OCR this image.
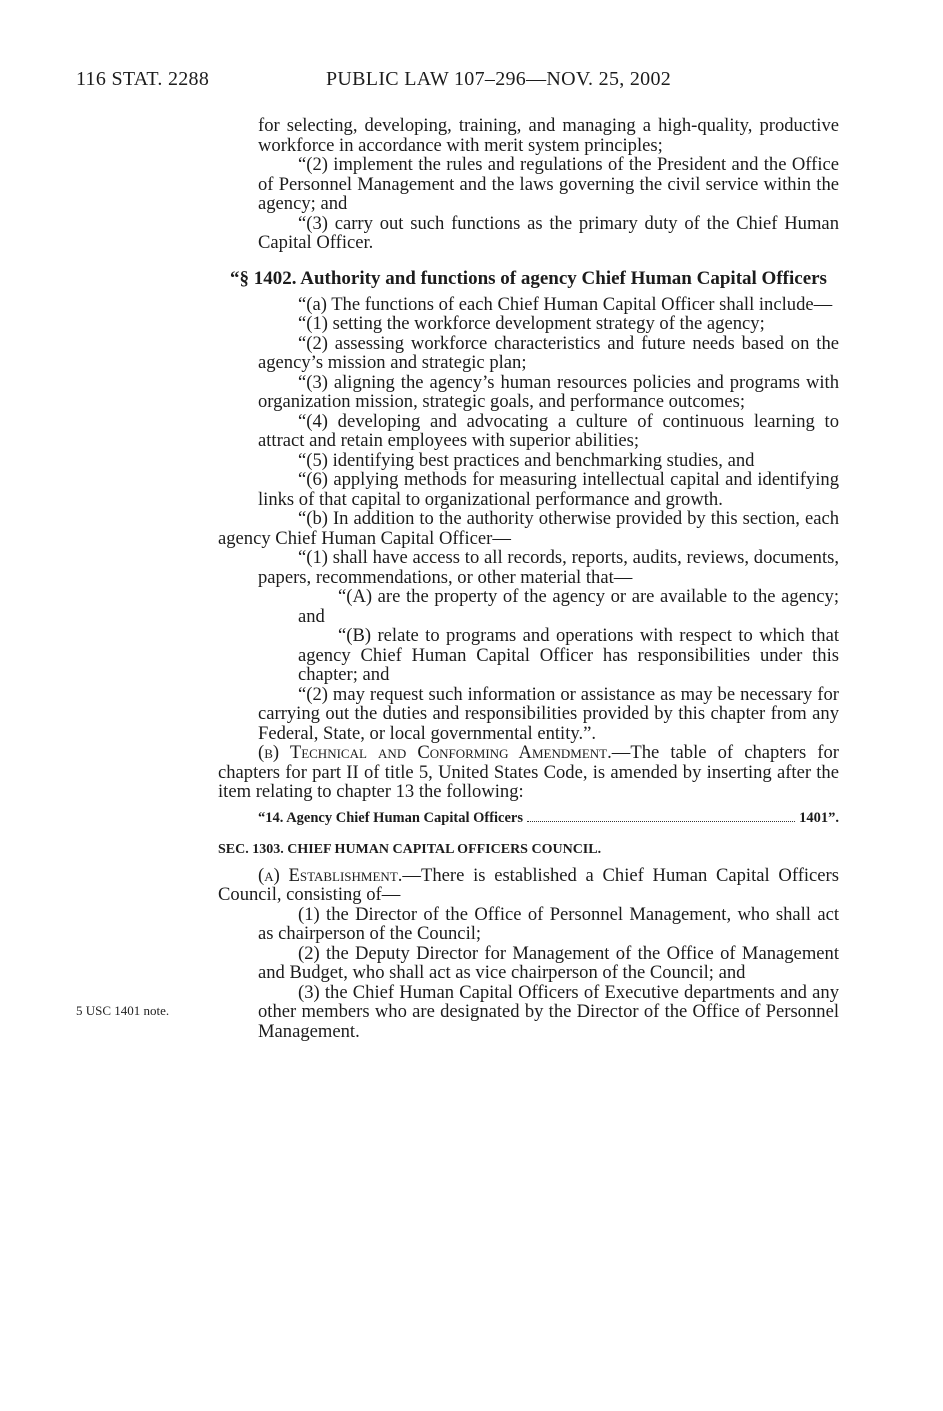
116 STAT. 2288	PUBLIC LAW 107–296—NOV. 25, 2002
5 USC 1401 note.

for selecting, developing, training, and managing a high-quality, productive workforce in accordance with merit system principles;

“(2) implement the rules and regulations of the President and the Office of Personnel Management and the laws governing the civil service within the agency; and

“(3) carry out such functions as the primary duty of the Chief Human Capital Officer.

“§ 1402. Authority and functions of agency Chief Human Capital Officers

“(a) The functions of each Chief Human Capital Officer shall include—

“(1) setting the workforce development strategy of the agency;

“(2) assessing workforce characteristics and future needs based on the agency’s mission and strategic plan;

“(3) aligning the agency’s human resources policies and programs with organization mission, strategic goals, and performance outcomes;

“(4) developing and advocating a culture of continuous learning to attract and retain employees with superior abilities;

“(5) identifying best practices and benchmarking studies, and

“(6) applying methods for measuring intellectual capital and identifying links of that capital to organizational performance and growth.

“(b) In addition to the authority otherwise provided by this section, each agency Chief Human Capital Officer—

“(1) shall have access to all records, reports, audits, reviews, documents, papers, recommendations, or other material that—

“(A) are the property of the agency or are available to the agency; and

“(B) relate to programs and operations with respect to which that agency Chief Human Capital Officer has responsibilities under this chapter; and

“(2) may request such information or assistance as may be necessary for carrying out the duties and responsibilities provided by this chapter from any Federal, State, or local governmental entity.”.

(b) Technical and Conforming Amendment.—The table of chapters for chapters for part II of title 5, United States Code, is amended by inserting after the item relating to chapter 13 the following:

“14. Agency Chief Human Capital Officers	1401”.
SEC. 1303. CHIEF HUMAN CAPITAL OFFICERS COUNCIL.

(a) Establishment.—There is established a Chief Human Capital Officers Council, consisting of—

(1) the Director of the Office of Personnel Management, who shall act as chairperson of the Council;

(2) the Deputy Director for Management of the Office of Management and Budget, who shall act as vice chairperson of the Council; and

(3) the Chief Human Capital Officers of Executive departments and any other members who are designated by the Director of the Office of Personnel Management.
